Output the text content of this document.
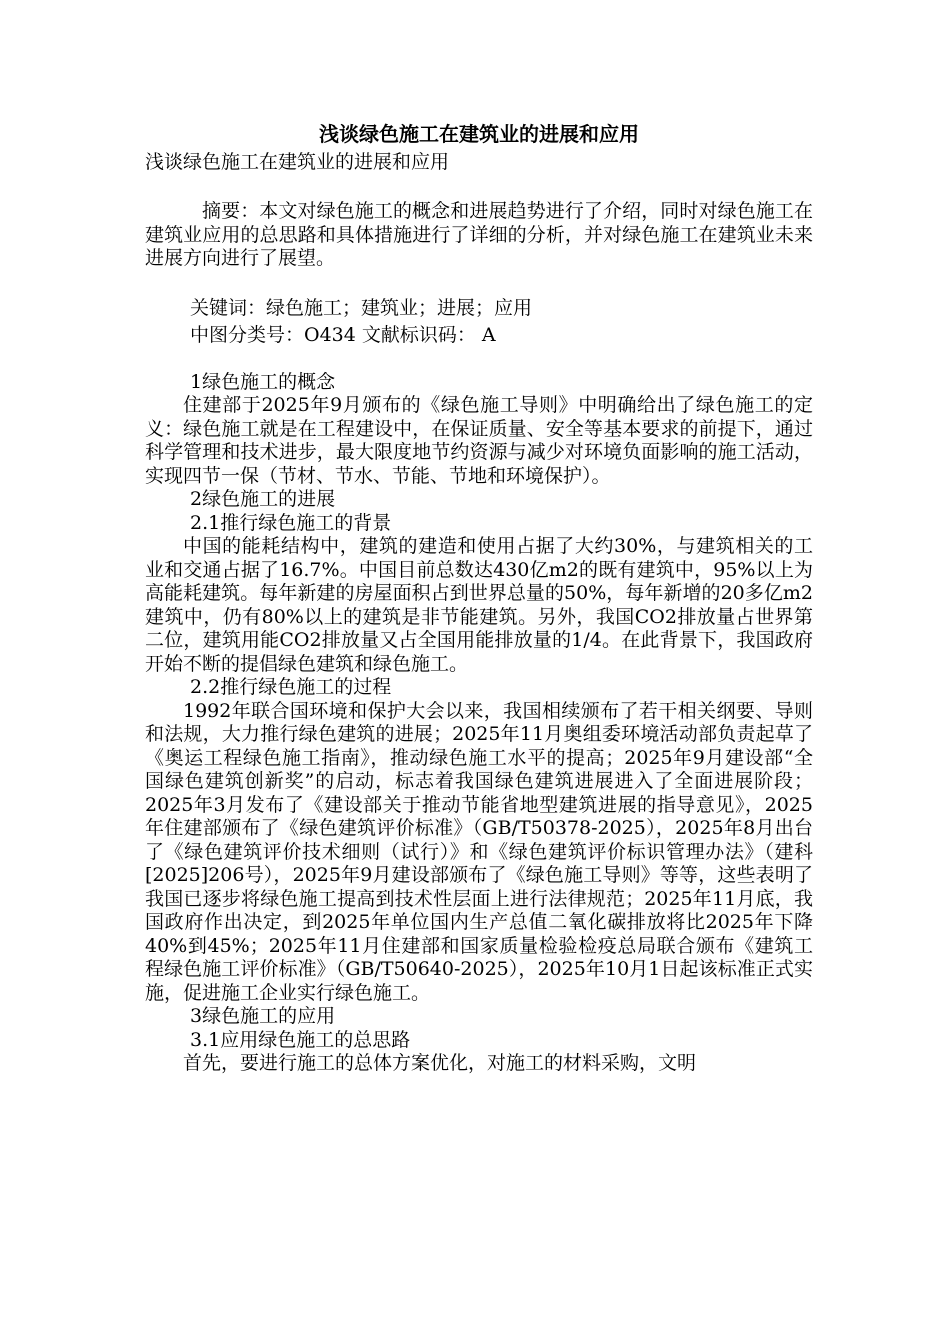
浅谈绿色施工在建筑业的进展和应用

浅谈绿色施工在建筑业的进展和应用

摘要：本文对绿色施工的概念和进展趋势进行了介绍，同时对绿色施工在建筑业应用的总思路和具体措施进行了详细的分析，并对绿色施工在建筑业未来进展方向进行了展望。

关键词：绿色施工；建筑业；进展；应用

中图分类号：O434 文献标识码： A

1绿色施工的概念

住建部于2025年9月颁布的《绿色施工导则》中明确给出了绿色施工的定义：绿色施工就是在工程建设中，在保证质量、安全等基本要求的前提下，通过科学管理和技术进步，最大限度地节约资源与减少对环境负面影响的施工活动，实现四节一保（节材、节水、节能、节地和环境保护）。

2绿色施工的进展

2.1推行绿色施工的背景

中国的能耗结构中，建筑的建造和使用占据了大约30%，与建筑相关的工业和交通占据了16.7%。中国目前总数达430亿m2的既有建筑中，95%以上为高能耗建筑。每年新建的房屋面积占到世界总量的50%，每年新增的20多亿m2建筑中，仍有80%以上的建筑是非节能建筑。另外，我国CO2排放量占世界第二位，建筑用能CO2排放量又占全国用能排放量的1/4。在此背景下，我国政府开始不断的提倡绿色建筑和绿色施工。

2.2推行绿色施工的过程

1992年联合国环境和保护大会以来，我国相续颁布了若干相关纲要、导则和法规，大力推行绿色建筑的进展；2025年11月奥组委环境活动部负责起草了《奥运工程绿色施工指南》，推动绿色施工水平的提高；2025年9月建设部“全国绿色建筑创新奖”的启动，标志着我国绿色建筑进展进入了全面进展阶段；2025年3月发布了《建设部关于推动节能省地型建筑进展的指导意见》，2025年住建部颁布了《绿色建筑评价标准》（GB/T50378-2025），2025年8月出台了《绿色建筑评价技术细则（试行）》和《绿色建筑评价标识管理办法》（建科[2025]206号），2025年9月建设部颁布了《绿色施工导则》等等，这些表明了我国已逐步将绿色施工提高到技术性层面上进行法律规范；2025年11月底，我国政府作出决定，到2025年单位国内生产总值二氧化碳排放将比2025年下降40%到45%；2025年11月住建部和国家质量检验检疫总局联合颁布《建筑工程绿色施工评价标准》（GB/T50640-2025），2025年10月1日起该标准正式实施，促进施工企业实行绿色施工。

3绿色施工的应用

3.1应用绿色施工的总思路

首先，要进行施工的总体方案优化，对施工的材料采购，文明
